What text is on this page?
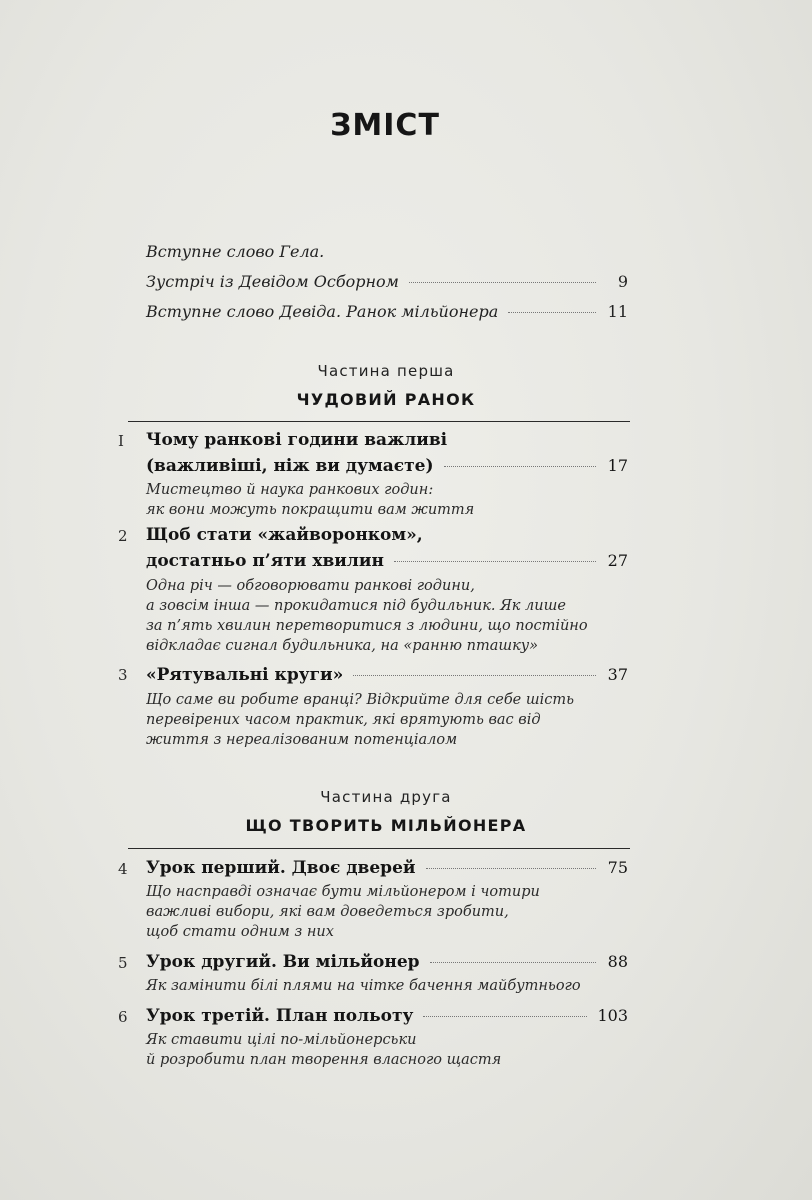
ЗМІСТ
Вступне слово Гела.
Зустріч із Девідом Осборном	9
Вступне слово Девіда. Ранок мільйонера	11
Частина перша
ЧУДОВИЙ РАНОК
I Чому ранкові години важливі
(важливіші, ніж ви думаєте)	17
Мистецтво й наука ранкових годин:
як вони можуть покращити вам життя
2 Щоб стати «жайворонком»,
достатньо п’яти хвилин	27
Одна річ — обговорювати ранкові години,
а зовсім інша — прокидатися під будильник. Як лише
за п’ять хвилин перетворитися з людини, що постійно
відкладає сигнал будильника, на «ранню пташку»
3 «Рятувальні круги»	37
Що саме ви робите вранці? Відкрийте для себе шість
перевірених часом практик, які врятують вас від
життя з нереалізованим потенціалом
Частина друга
ЩО ТВОРИТЬ МІЛЬЙОНЕРА
4 Урок перший. Двоє дверей	75
Що насправді означає бути мільйонером і чотири
важливі вибори, які вам доведеться зробити,
щоб стати одним з них
5 Урок другий. Ви мільйонер	88
Як замінити білі плями на чітке бачення майбутнього
6 Урок третій. План польоту	103
Як ставити цілі по-мільйонерськи
й розробити план творення власного щастя
